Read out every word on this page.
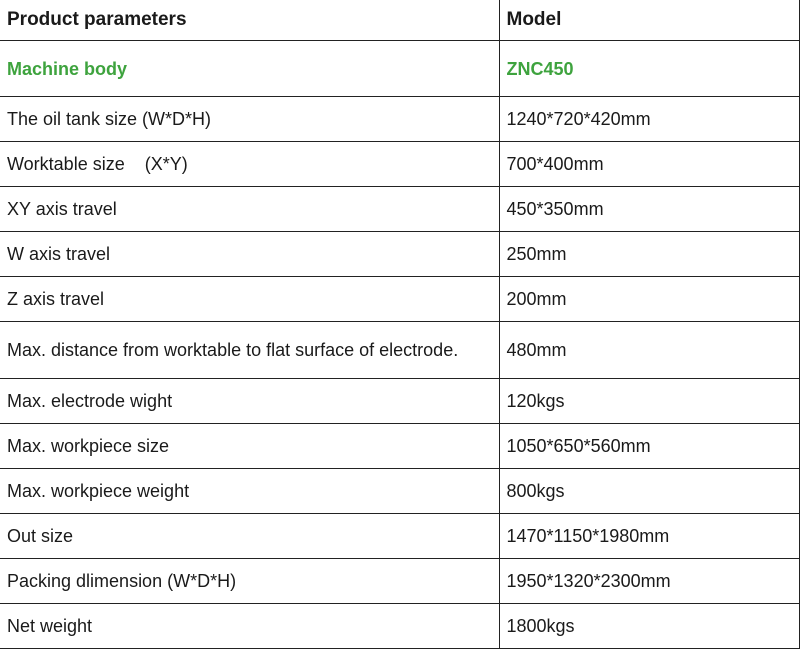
Product parameters	Model
Machine body	ZNC450
The oil tank size (W*D*H)	1240*720*420mm
Worktable size    (X*Y)	700*400mm
XY axis travel	450*350mm
W axis travel	250mm
Z axis travel	200mm
Max. distance from worktable to flat surface of electrode.	480mm
Max. electrode wight	120kgs
Max. workpiece size	1050*650*560mm
Max. workpiece weight	800kgs
Out size	1470*1150*1980mm
Packing dlimension (W*D*H)	1950*1320*2300mm
Net weight	1800kgs
